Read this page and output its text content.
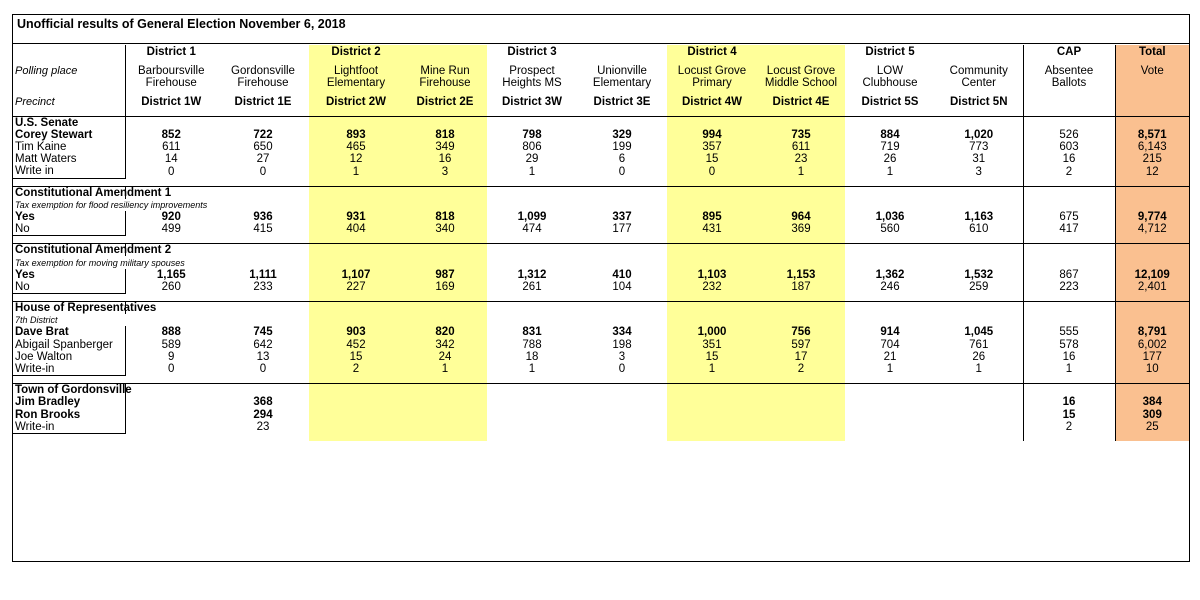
Unofficial results of General Election November 6, 2018
	District 1		District 2		District 3		District 4		District 5		CAP	Total

Polling place	Barboursville	Gordonsville	Lightfoot	Mine Run	Prospect	Unionville	Locust Grove	Locust Grove	LOW	Community	Absentee	Vote
	Firehouse	Firehouse	Elementary	Firehouse	Heights MS	Elementary	Primary	Middle School	Clubhouse	Center	Ballots	

Precinct	District 1W	District 1E	District 2W	District 2E	District 3W	District 3E	District 4W	District 4E	District 5S	District 5N		

U.S. Senate												
Corey Stewart	852	722	893	818	798	329	994	735	884	1,020	526	8,571
Tim Kaine	611	650	465	349	806	199	357	611	719	773	603	6,143
Matt Waters	14	27	12	16	29	6	15	23	26	31	16	215
Write in	0	0	1	3	1	0	0	1	1	3	2	12

Constitutional Amendment 1												
Tax exemption for flood resiliency improvements												
Yes	920	936	931	818	1,099	337	895	964	1,036	1,163	675	9,774
No	499	415	404	340	474	177	431	369	560	610	417	4,712

Constitutional Amendment 2												
Tax exemption for moving military spouses												
Yes	1,165	1,111	1,107	987	1,312	410	1,103	1,153	1,362	1,532	867	12,109
No	260	233	227	169	261	104	232	187	246	259	223	2,401

House of Representatives												
7th District												
Dave Brat	888	745	903	820	831	334	1,000	756	914	1,045	555	8,791
Abigail Spanberger	589	642	452	342	788	198	351	597	704	761	578	6,002
Joe Walton	9	13	15	24	18	3	15	17	21	26	16	177
Write-in	0	0	2	1	1	0	1	2	1	1	1	10

Town of Gordonsville												
Jim Bradley		368									16	384
Ron Brooks		294									15	309
Write-in		23									2	25
